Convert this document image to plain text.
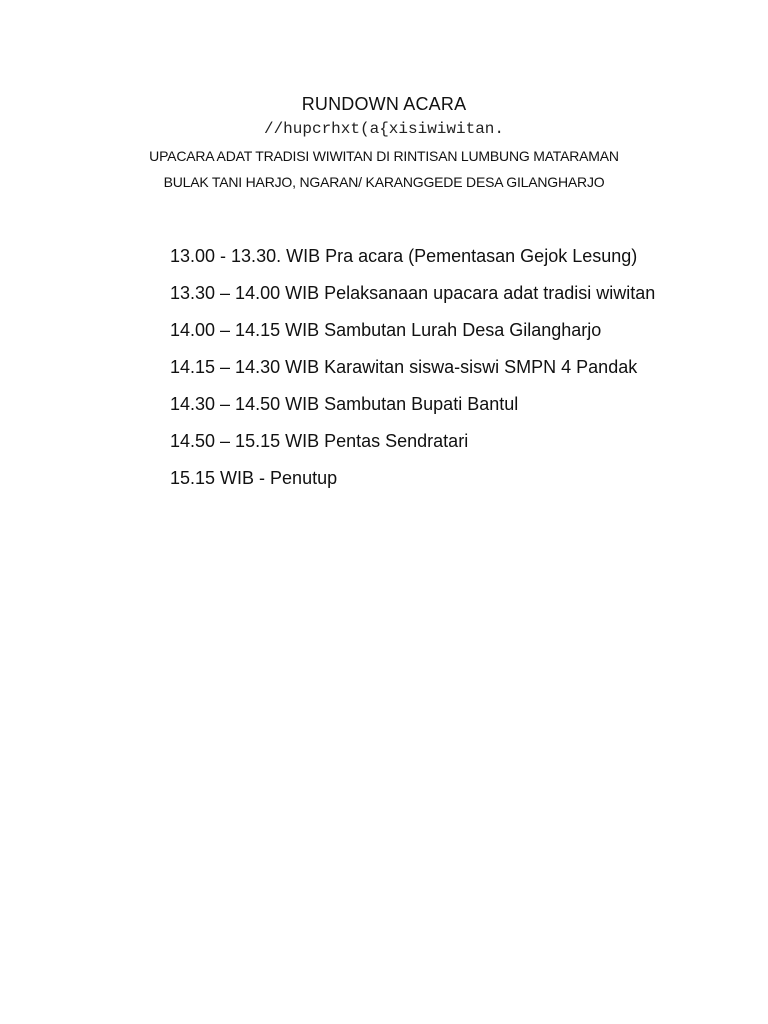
RUNDOWN ACARA
//hupcrhxt(a{xisiwiwitan.
UPACARA ADAT TRADISI WIWITAN DI RINTISAN LUMBUNG MATARAMAN
BULAK TANI HARJO, NGARAN/ KARANGGEDE DESA GILANGHARJO
13.00 - 13.30. WIB Pra acara (Pementasan Gejok Lesung)
13.30 – 14.00 WIB Pelaksanaan upacara adat tradisi wiwitan
14.00 – 14.15 WIB Sambutan Lurah Desa Gilangharjo
14.15 – 14.30 WIB Karawitan siswa-siswi SMPN 4 Pandak
14.30 – 14.50 WIB Sambutan Bupati Bantul
14.50 – 15.15 WIB Pentas Sendratari
15.15 WIB - Penutup
